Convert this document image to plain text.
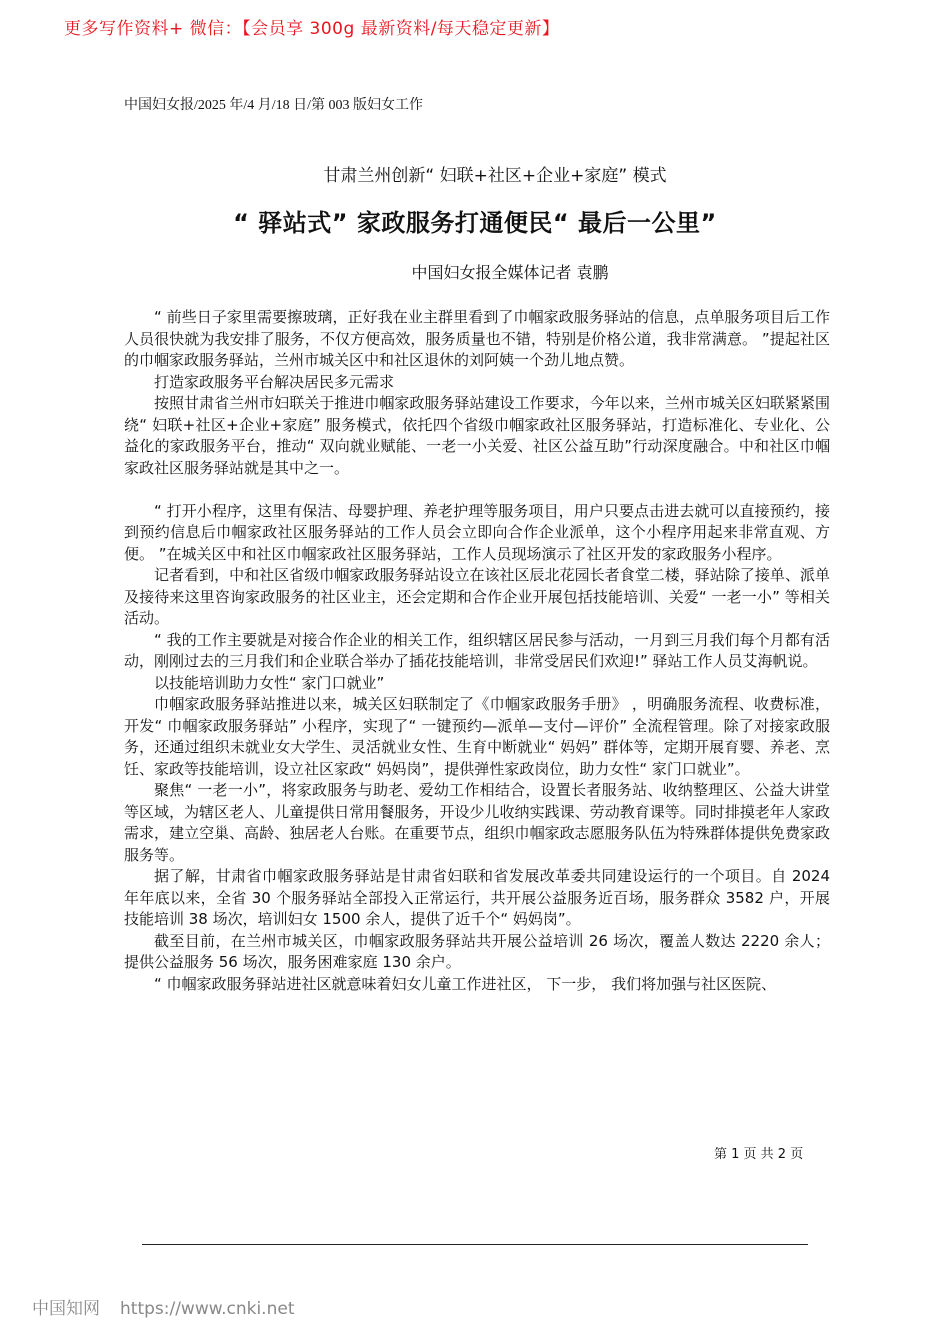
更多写作资料+ 微信：【会员享 300g 最新资料/每天稳定更新】
中国妇女报/2025 年/4 月/18 日/第 003 版妇女工作
甘肃兰州创新“ 妇联+社区+企业+家庭” 模式
“ 驿站式” 家政服务打通便民“ 最后一公里”
中国妇女报全媒体记者 袁鹏

“ 前些日子家里需要擦玻璃，正好我在业主群里看到了巾帼家政服务驿站的信息，点单服务项目后工作人员很快就为我安排了服务，不仅方便高效，服务质量也不错，特别是价格公道，我非常满意。 ”提起社区的巾帼家政服务驿站，兰州市城关区中和社区退休的刘阿姨一个劲儿地点赞。

打造家政服务平台解决居民多元需求

按照甘肃省兰州市妇联关于推进巾帼家政服务驿站建设工作要求，今年以来，兰州市城关区妇联紧紧围绕“ 妇联+社区+企业+家庭” 服务模式，依托四个省级巾帼家政社区服务驿站，打造标准化、专业化、公益化的家政服务平台，推动“ 双向就业赋能、一老一小关爱、社区公益互助”行动深度融合。中和社区巾帼家政社区服务驿站就是其中之一。

“ 打开小程序，这里有保洁、母婴护理、养老护理等服务项目，用户只要点击进去就可以直接预约，接到预约信息后巾帼家政社区服务驿站的工作人员会立即向合作企业派单，这个小程序用起来非常直观、方便。 ”在城关区中和社区巾帼家政社区服务驿站，工作人员现场演示了社区开发的家政服务小程序。

记者看到，中和社区省级巾帼家政服务驿站设立在该社区辰北花园长者食堂二楼，驿站除了接单、派单及接待来这里咨询家政服务的社区业主，还会定期和合作企业开展包括技能培训、关爱“ 一老一小” 等相关活动。

“ 我的工作主要就是对接合作企业的相关工作，组织辖区居民参与活动，一月到三月我们每个月都有活动，刚刚过去的三月我们和企业联合举办了插花技能培训，非常受居民们欢迎!” 驿站工作人员艾海帆说。

以技能培训助力女性“ 家门口就业”

巾帼家政服务驿站推进以来，城关区妇联制定了《巾帼家政服务手册》 ，明确服务流程、收费标准，开发“ 巾帼家政服务驿站” 小程序，实现了“ 一键预约—派单—支付—评价” 全流程管理。除了对接家政服务，还通过组织未就业女大学生、灵活就业女性、生育中断就业“ 妈妈” 群体等，定期开展育婴、养老、烹饪、家政等技能培训，设立社区家政“ 妈妈岗”，提供弹性家政岗位，助力女性“ 家门口就业”。

聚焦“ 一老一小”，将家政服务与助老、爱幼工作相结合，设置长者服务站、收纳整理区、公益大讲堂等区域，为辖区老人、儿童提供日常用餐服务，开设少儿收纳实践课、劳动教育课等。同时排摸老年人家政需求，建立空巢、高龄、独居老人台账。在重要节点，组织巾帼家政志愿服务队伍为特殊群体提供免费家政服务等。

据了解，甘肃省巾帼家政服务驿站是甘肃省妇联和省发展改革委共同建设运行的一个项目。自 2024 年年底以来，全省 30 个服务驿站全部投入正常运行，共开展公益服务近百场，服务群众 3582 户，开展技能培训 38 场次，培训妇女 1500 余人，提供了近千个“ 妈妈岗”。

截至目前，在兰州市城关区，巾帼家政服务驿站共开展公益培训 26 场次，覆盖人数达 2220 余人；提供公益服务 56 场次，服务困难家庭 130 余户。

“ 巾帼家政服务驿站进社区就意味着妇女儿童工作进社区， 下一步， 我们将加强与社区医院、

第 1 页 共 2 页
中国知网 https://www.cnki.net
